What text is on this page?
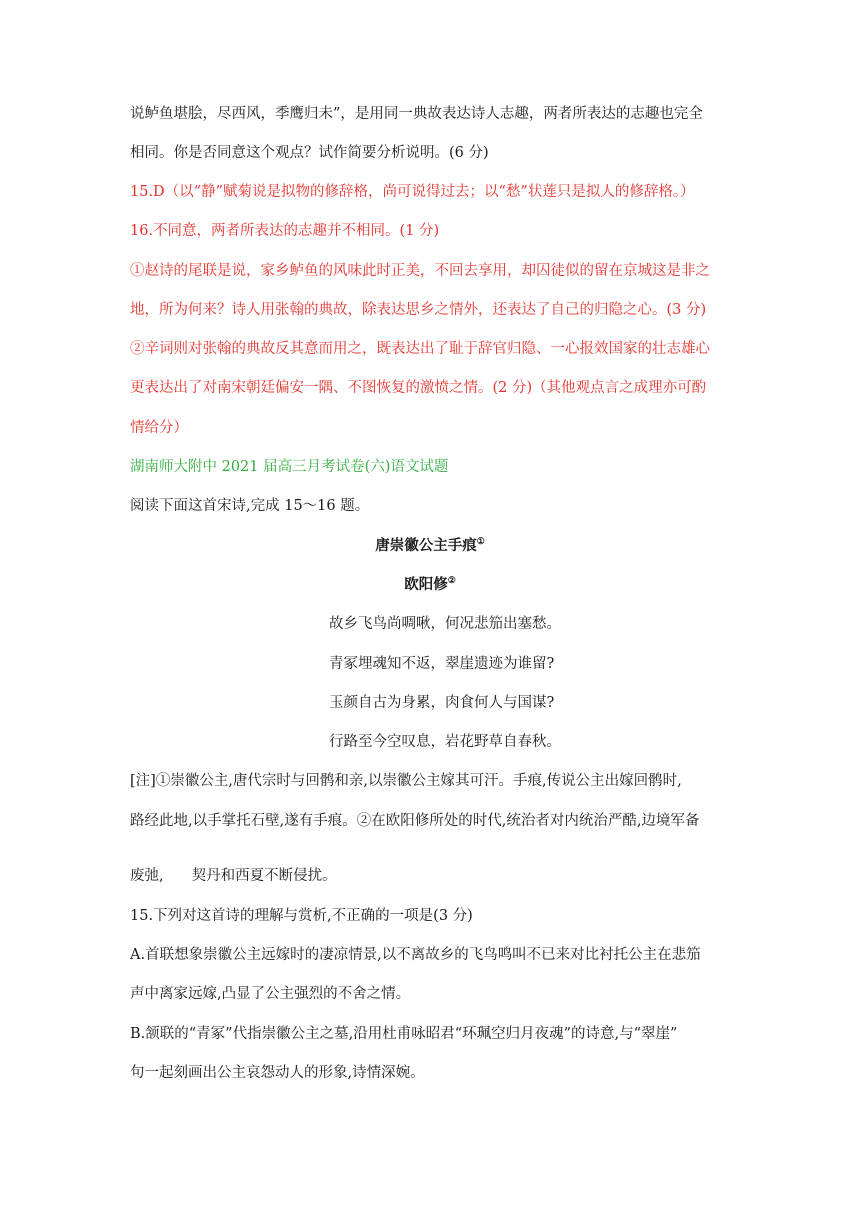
说鲈鱼堪脍，尽西风，季鹰归未”，是用同一典故表达诗人志趣，两者所表达的志趣也完全
相同。你是否同意这个观点？试作简要分析说明。(6 分)
15.D（以“静”赋菊说是拟物的修辞格，尚可说得过去；以“愁”状莲只是拟人的修辞格。）
16.不同意，两者所表达的志趣并不相同。(1 分)
①赵诗的尾联是说，家乡鲈鱼的风味此时正美，不回去享用，却囚徒似的留在京城这是非之
地，所为何来？诗人用张翰的典故，除表达思乡之情外，还表达了自己的归隐之心。(3 分)
②辛词则对张翰的典故反其意而用之，既表达出了耻于辞官归隐、一心报效国家的壮志雄心
更表达出了对南宋朝廷偏安一隅、不图恢复的激愤之情。(2 分)（其他观点言之成理亦可酌
情给分）
湖南师大附中 2021 届高三月考试卷(六)语文试题
阅读下面这首宋诗,完成 15～16 题。
唐崇徽公主手痕①
欧阳修②
故乡飞鸟尚啁啾，何况悲笳出塞愁。
青冢埋魂知不返，翠崖遗迹为谁留?
玉颜自古为身累，肉食何人与国谋?
行路至今空叹息，岩花野草自春秋。
[注]①崇徽公主,唐代宗时与回鹘和亲,以崇徽公主嫁其可汗。手痕,传说公主出嫁回鹘时,
路经此地,以手掌托石壁,遂有手痕。②在欧阳修所处的时代,统治者对内统治严酷,边境军备
废弛, 契丹和西夏不断侵扰。
15.下列对这首诗的理解与赏析,不正确的一项是(3 分)
A.首联想象崇徽公主远嫁时的凄凉情景,以不离故乡的飞鸟鸣叫不已来对比衬托公主在悲笳
声中离家远嫁,凸显了公主强烈的不舍之情。
B.颔联的“青冢”代指崇徽公主之墓,沿用杜甫咏昭君“环珮空归月夜魂”的诗意,与“翠崖”
句一起刻画出公主哀怨动人的形象,诗情深婉。
